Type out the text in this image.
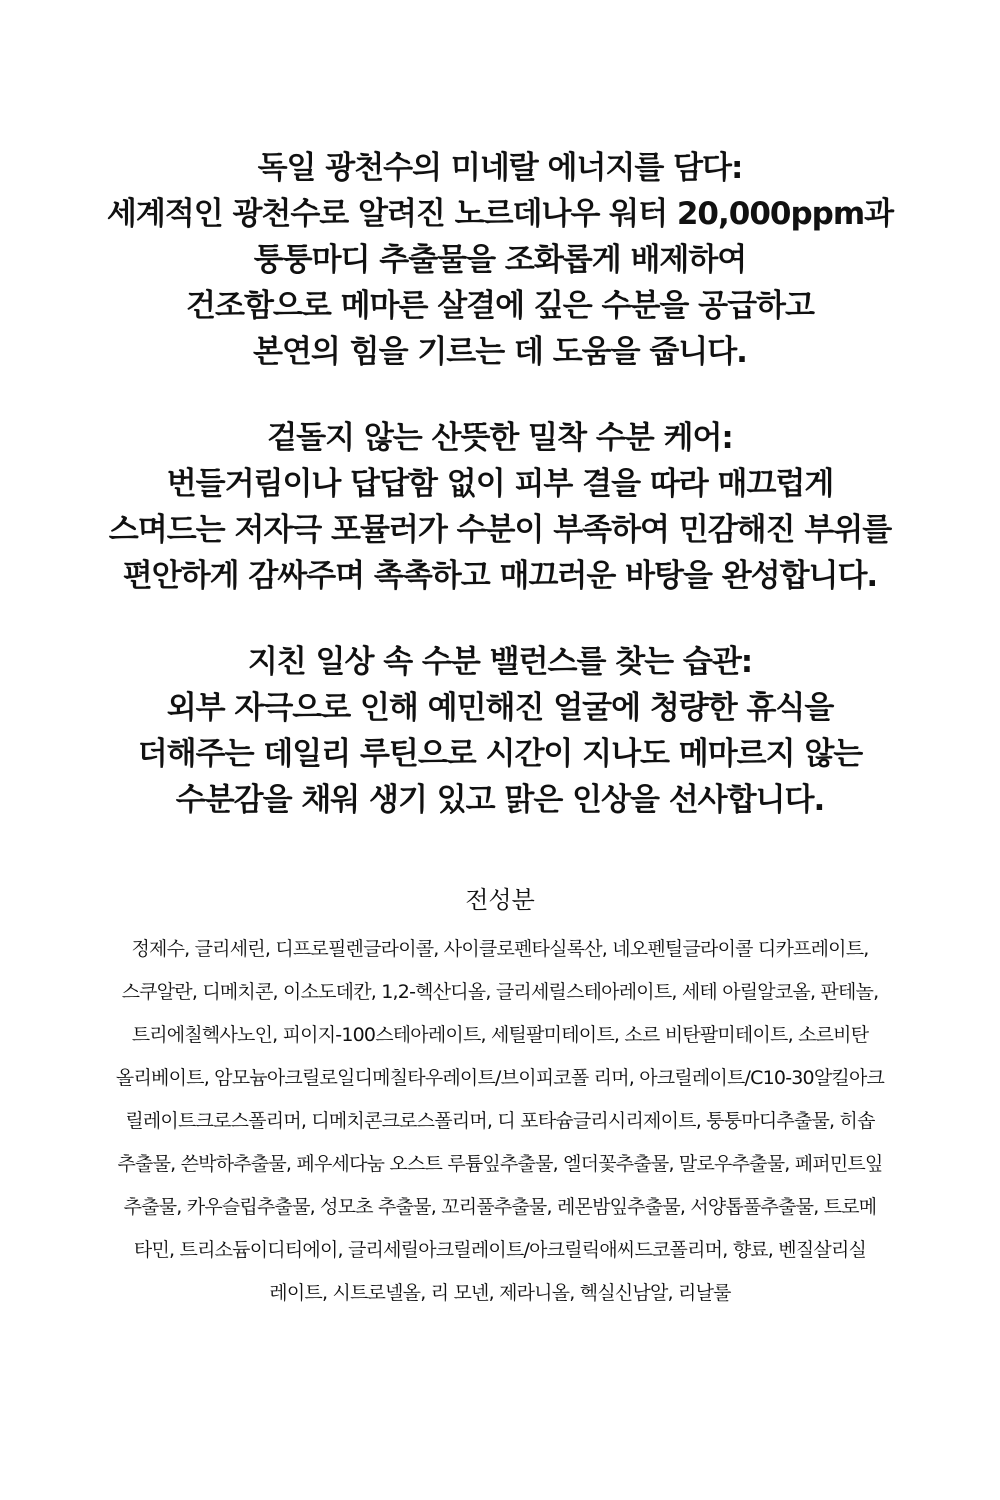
독일 광천수의 미네랄 에너지를 담다:
세계적인 광천수로 알려진 노르데나우 워터 20,000ppm과
퉁퉁마디 추출물을 조화롭게 배제하여
건조함으로 메마른 살결에 깊은 수분을 공급하고
본연의 힘을 기르는 데 도움을 줍니다.
겉돌지 않는 산뜻한 밀착 수분 케어:
번들거림이나 답답함 없이 피부 결을 따라 매끄럽게
스며드는 저자극 포뮬러가 수분이 부족하여 민감해진 부위를
편안하게 감싸주며 촉촉하고 매끄러운 바탕을 완성합니다.
지친 일상 속 수분 밸런스를 찾는 습관:
외부 자극으로 인해 예민해진 얼굴에 청량한 휴식을
더해주는 데일리 루틴으로 시간이 지나도 메마르지 않는
수분감을 채워 생기 있고 맑은 인상을 선사합니다.
전성분
정제수, 글리세린, 디프로필렌글라이콜, 사이클로펜타실록산, 네오펜틸글라이콜 디카프레이트,
스쿠알란, 디메치콘, 이소도데칸, 1,2-헥산디올, 글리세릴스테아레이트, 세테 아릴알코올, 판테놀,
트리에칠헥사노인, 피이지-100스테아레이트, 세틸팔미테이트, 소르 비탄팔미테이트, 소르비탄
올리베이트, 암모늄아크릴로일디메칠타우레이트/브이피코폴 리머, 아크릴레이트/C10-30알킬아크
릴레이트크로스폴리머, 디메치콘크로스폴리머, 디 포타슘글리시리제이트, 퉁퉁마디추출물, 히솝
추출물, 쓴박하추출물, 페우세다눔 오스트 루튬잎추출물, 엘더꽃추출물, 말로우추출물, 페퍼민트잎
추출물, 카우슬립추출물, 성모초 추출물, 꼬리풀추출물, 레몬밤잎추출물, 서양톱풀추출물, 트로메
타민, 트리소듐이디티에이, 글리세릴아크릴레이트/아크릴릭애씨드코폴리머, 향료, 벤질살리실
레이트, 시트로넬올, 리 모넨, 제라니올, 헥실신남알, 리날룰
